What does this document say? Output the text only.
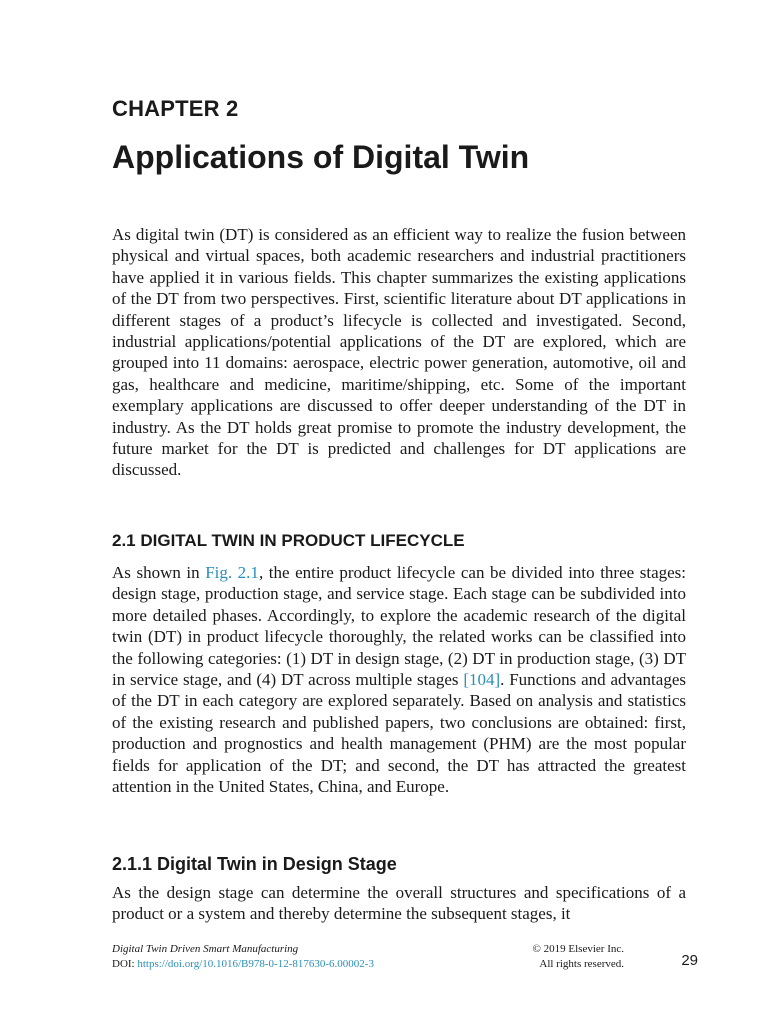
CHAPTER 2
Applications of Digital Twin

As digital twin (DT) is considered as an efficient way to realize the fusion between physical and virtual spaces, both academic researchers and industrial practitioners have applied it in various fields. This chapter summarizes the existing applications of the DT from two perspectives. First, scientific literature about DT applications in different stages of a product’s lifecycle is collected and investigated. Second, industrial applications/potential applications of the DT are explored, which are grouped into 11 domains: aerospace, electric power generation, automotive, oil and gas, healthcare and medicine, maritime/shipping, etc. Some of the important exemplary applications are discussed to offer deeper understanding of the DT in industry. As the DT holds great promise to promote the industry development, the future market for the DT is predicted and challenges for DT applications are discussed.

2.1 DIGITAL TWIN IN PRODUCT LIFECYCLE

As shown in Fig. 2.1, the entire product lifecycle can be divided into three stages: design stage, production stage, and service stage. Each stage can be subdivided into more detailed phases. Accordingly, to explore the academic research of the digital twin (DT) in product lifecycle thoroughly, the related works can be classified into the following categories: (1) DT in design stage, (2) DT in production stage, (3) DT in service stage, and (4) DT across multiple stages [104]. Functions and advantages of the DT in each category are explored separately. Based on analysis and statistics of the existing research and published papers, two conclusions are obtained: first, production and prognostics and health management (PHM) are the most popular fields for application of the DT; and second, the DT has attracted the greatest attention in the United States, China, and Europe.

2.1.1 Digital Twin in Design Stage

As the design stage can determine the overall structures and specifications of a product or a system and thereby determine the subsequent stages, it

Digital Twin Driven Smart Manufacturing
DOI: https://doi.org/10.1016/B978-0-12-817630-6.00002-3
© 2019 Elsevier Inc.
All rights reserved.	29
